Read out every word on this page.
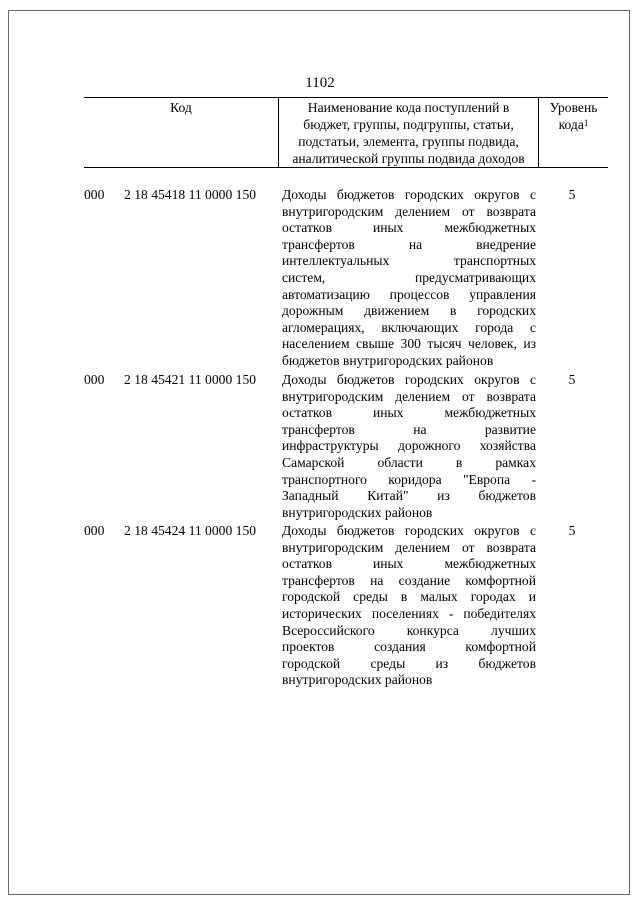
1102
Код	Наименование кода поступлений в
бюджет, группы, подгруппы, статьи,
подстатьи, элемента, группы подвида,
аналитической группы подвида доходов
Уровень
кода$^1$
000 2 18 45418 11 0000 150 Доходы бюджетов городских округов с
внутригородским делением от возврата
остатков иных межбюджетных
трансфертов на внедрение
интеллектуальных транспортных
систем, предусматривающих
автоматизацию процессов управления
дорожным движением в городских
агломерациях, включающих города с
населением свыше 300 тысяч человек, из
бюджетов внутригородских районов
5
000 2 18 45421 11 0000 150 Доходы бюджетов городских округов с
внутригородским делением от возврата
остатков иных межбюджетных
трансфертов на развитие
инфраструктуры дорожного хозяйства
Самарской области в рамках
транспортного коридора "Европа -
Западный Китай" из бюджетов
внутригородских районов
5
000 2 18 45424 11 0000 150 Доходы бюджетов городских округов с
внутригородским делением от возврата
остатков иных межбюджетных
трансфертов на создание комфортной
городской среды в малых городах и
исторических поселениях - победителях
Всероссийского конкурса лучших
проектов создания комфортной
городской среды из бюджетов
внутригородских районов
5
